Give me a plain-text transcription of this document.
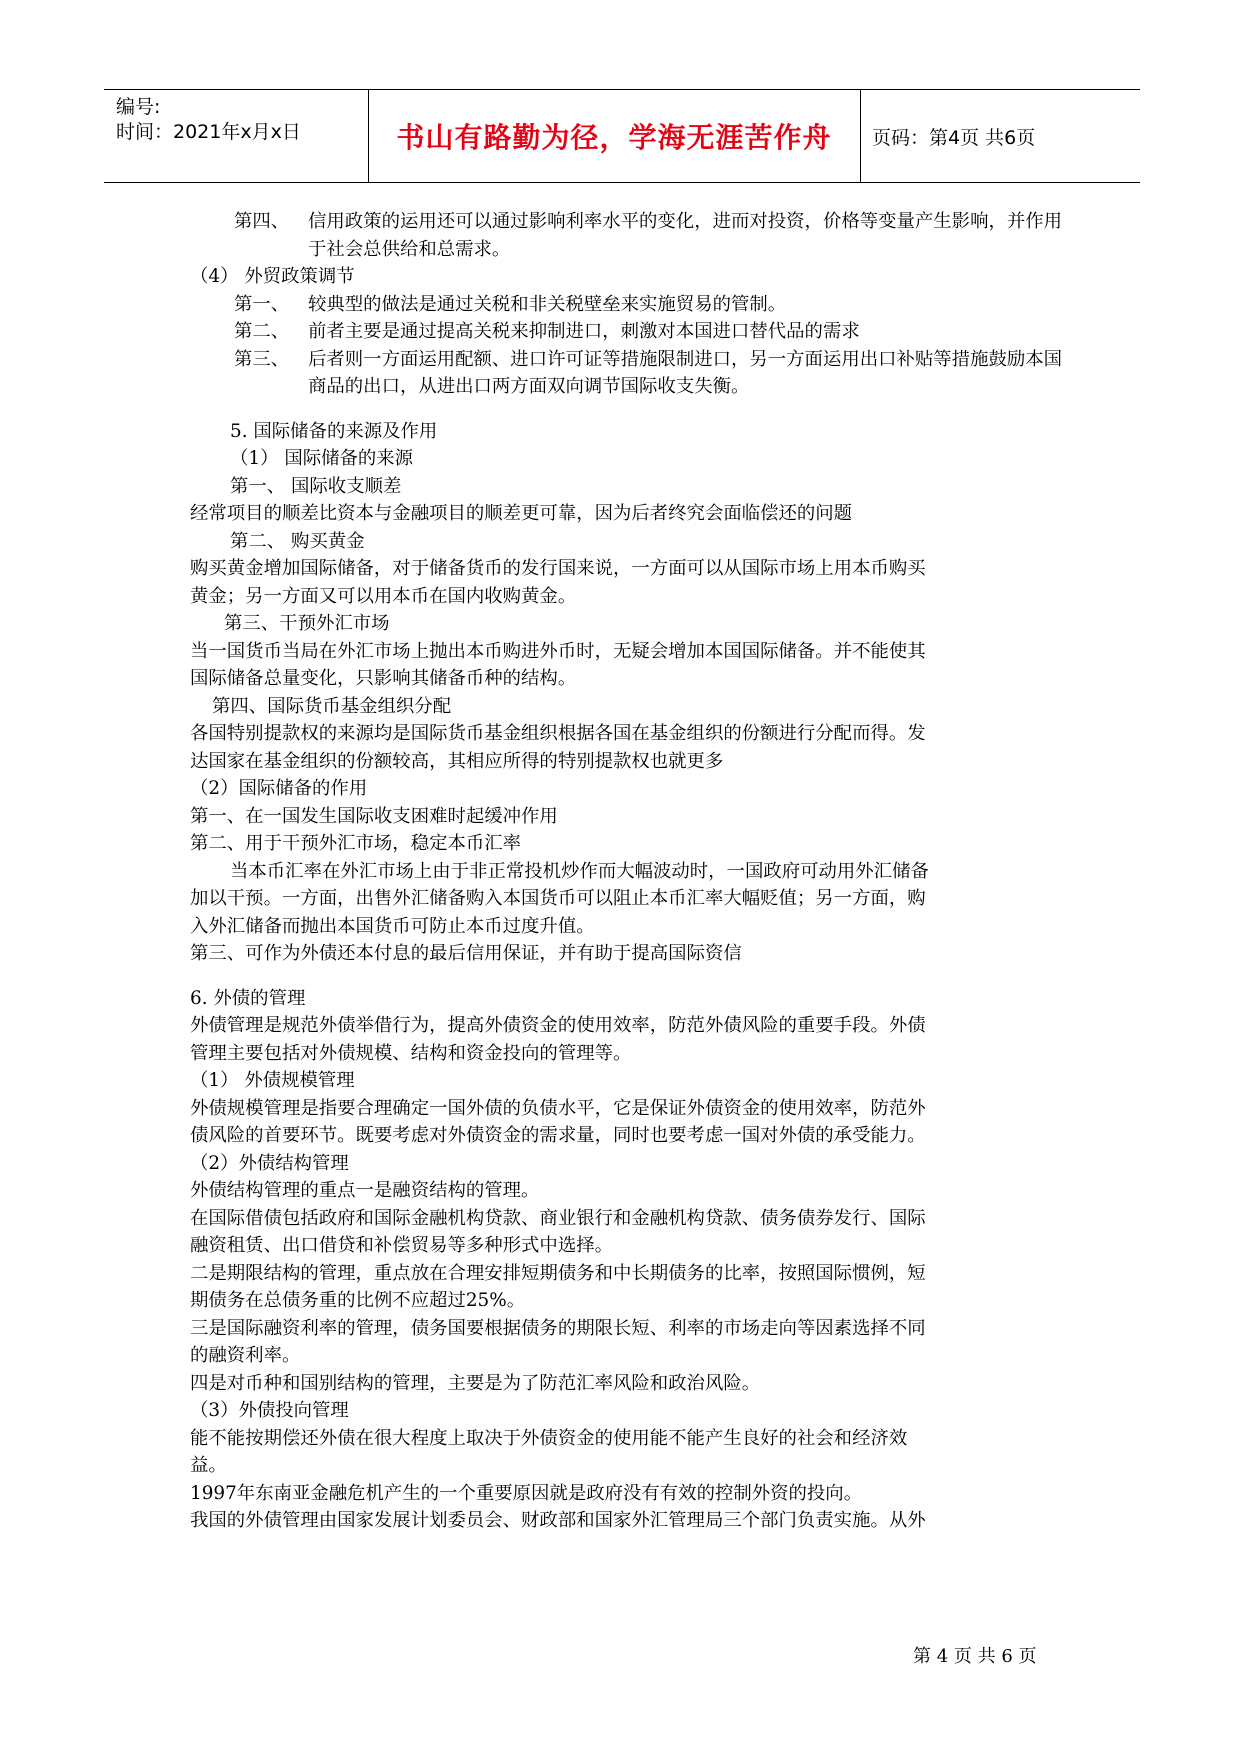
编号:
时间：2021年x月x日	书山有路勤为径，学海无涯苦作舟	页码：第4页 共6页
第四、 信用政策的运用还可以通过影响利率水平的变化，进而对投资，价格等变量产生影响，并作用于社会总供给和总需求。

（4） 外贸政策调节

第一、 较典型的做法是通过关税和非关税壁垒来实施贸易的管制。

第二、 前者主要是通过提高关税来抑制进口，刺激对本国进口替代品的需求

第三、 后者则一方面运用配额、进口许可证等措施限制进口，另一方面运用出口补贴等措施鼓励本国商品的出口，从进出口两方面双向调节国际收支失衡。

5. 国际储备的来源及作用

（1） 国际储备的来源

第一、 国际收支顺差

经常项目的顺差比资本与金融项目的顺差更可靠，因为后者终究会面临偿还的问题

第二、 购买黄金

购买黄金增加国际储备，对于储备货币的发行国来说，一方面可以从国际市场上用本币购买

黄金；另一方面又可以用本币在国内收购黄金。

第三、干预外汇市场

当一国货币当局在外汇市场上抛出本币购进外币时，无疑会增加本国国际储备。并不能使其

国际储备总量变化，只影响其储备币种的结构。

第四、国际货币基金组织分配

各国特别提款权的来源均是国际货币基金组织根据各国在基金组织的份额进行分配而得。发

达国家在基金组织的份额较高，其相应所得的特别提款权也就更多

（2）国际储备的作用

第一、在一国发生国际收支困难时起缓冲作用

第二、用于干预外汇市场，稳定本币汇率

当本币汇率在外汇市场上由于非正常投机炒作而大幅波动时，一国政府可动用外汇储备

加以干预。一方面，出售外汇储备购入本国货币可以阻止本币汇率大幅贬值；另一方面，购

入外汇储备而抛出本国货币可防止本币过度升值。

第三、可作为外债还本付息的最后信用保证，并有助于提高国际资信

6. 外债的管理

外债管理是规范外债举借行为，提高外债资金的使用效率，防范外债风险的重要手段。外债

管理主要包括对外债规模、结构和资金投向的管理等。

（1） 外债规模管理

外债规模管理是指要合理确定一国外债的负债水平，它是保证外债资金的使用效率，防范外

债风险的首要环节。既要考虑对外债资金的需求量，同时也要考虑一国对外债的承受能力。

（2）外债结构管理

外债结构管理的重点一是融资结构的管理。

在国际借债包括政府和国际金融机构贷款、商业银行和金融机构贷款、债务债券发行、国际

融资租赁、出口借贷和补偿贸易等多种形式中选择。

二是期限结构的管理，重点放在合理安排短期债务和中长期债务的比率，按照国际惯例，短

期债务在总债务重的比例不应超过25%。

三是国际融资利率的管理，债务国要根据债务的期限长短、利率的市场走向等因素选择不同

的融资利率。

四是对币种和国别结构的管理，主要是为了防范汇率风险和政治风险。

（3）外债投向管理

能不能按期偿还外债在很大程度上取决于外债资金的使用能不能产生良好的社会和经济效

益。

1997年东南亚金融危机产生的一个重要原因就是政府没有有效的控制外资的投向。

我国的外债管理由国家发展计划委员会、财政部和国家外汇管理局三个部门负责实施。从外

第 4 页 共 6 页
